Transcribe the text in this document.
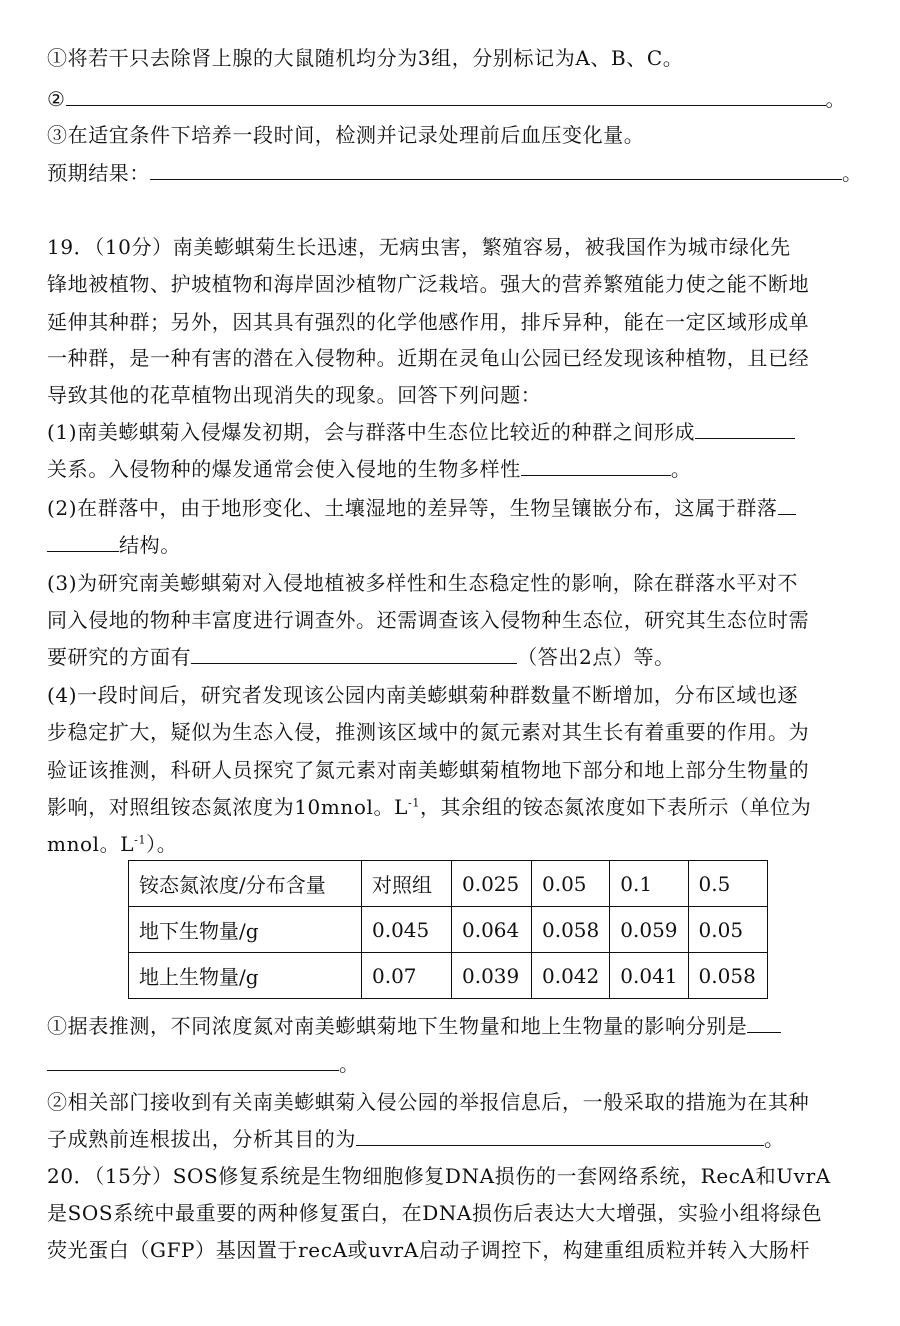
①将若干只去除肾上腺的大鼠随机均分为3组，分别标记为A、B、C。
②	。
③在适宜条件下培养一段时间，检测并记录处理前后血压变化量。
预期结果：	。
19．（10分）南美蟛蜞菊生长迅速，无病虫害，繁殖容易，被我国作为城市绿化先
锋地被植物、护坡植物和海岸固沙植物广泛栽培。强大的营养繁殖能力使之能不断地
延伸其种群；另外，因其具有强烈的化学他感作用，排斥异种，能在一定区域形成单
一种群，是一种有害的潜在入侵物种。近期在灵龟山公园已经发现该种植物，且已经
导致其他的花草植物出现消失的现象。回答下列问题：
(1)南美蟛蜞菊入侵爆发初期，会与群落中生态位比较近的种群之间形成
关系。入侵物种的爆发通常会使入侵地的生物多样性	。
(2)在群落中，由于地形变化、土壤湿地的差异等，生物呈镶嵌分布，这属于群落
结构。
(3)为研究南美蟛蜞菊对入侵地植被多样性和生态稳定性的影响，除在群落水平对不
同入侵地的物种丰富度进行调查外。还需调查该入侵物种生态位，研究其生态位时需
要研究的方面有	（答出2点）等。
(4)一段时间后，研究者发现该公园内南美蟛蜞菊种群数量不断增加，分布区域也逐
步稳定扩大，疑似为生态入侵，推测该区域中的氮元素对其生长有着重要的作用。为
验证该推测，科研人员探究了氮元素对南美蟛蜞菊植物地下部分和地上部分生物量的
影响，对照组铵态氮浓度为10mnol。$L^{-1}$，其余组的铵态氮浓度如下表所示（单位为
mnol。$L^{-1}$）。
铵态氮浓度/分布含量	对照组	0.025	0.05	0.1	0.5
地下生物量/g	0.045	0.064	0.058	0.059	0.05
地上生物量/g	0.07	0.039	0.042	0.041	0.058
①据表推测，不同浓度氮对南美蟛蜞菊地下生物量和地上生物量的影响分别是
。
②相关部门接收到有关南美蟛蜞菊入侵公园的举报信息后，一般采取的措施为在其种
子成熟前连根拔出，分析其目的为	。
20．（15分）SOS修复系统是生物细胞修复DNA损伤的一套网络系统，RecA和UvrA
是SOS系统中最重要的两种修复蛋白，在DNA损伤后表达大大增强，实验小组将绿色
荧光蛋白（GFP）基因置于recA或uvrA启动子调控下，构建重组质粒并转入大肠杆
